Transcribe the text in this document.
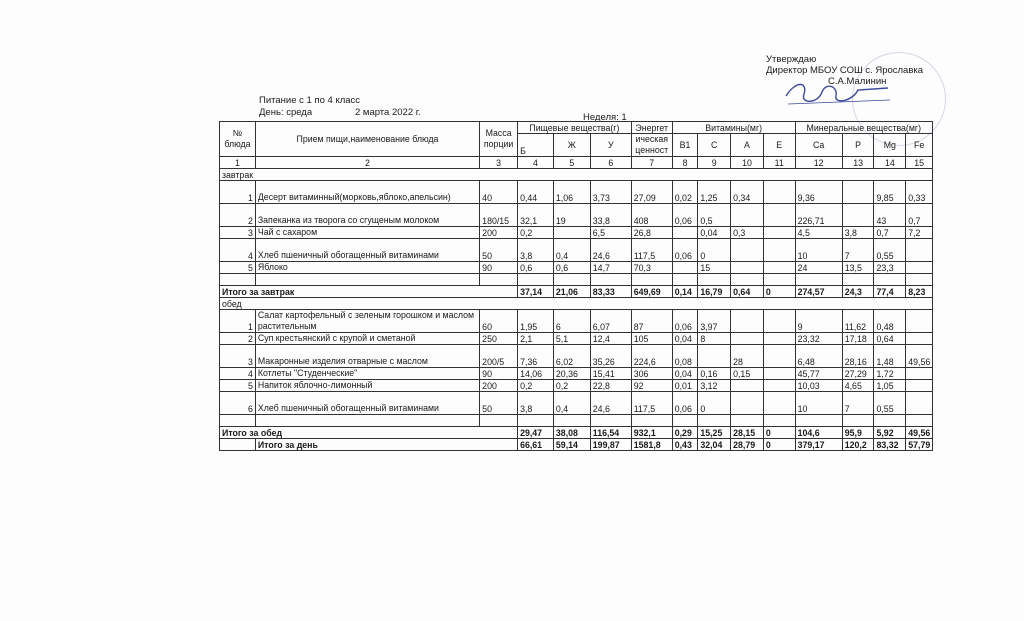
Утверждаю
Директор МБОУ СОШ с. Ярославка
С.А.Малинин
Питание с 1 по 4 класс
День: среда	2 марта 2022 г.	Неделя: 1
№ блюда	Прием пищи,наименование блюда	Масса порции	Пищевые вещества(г)			Энергет	Витамины(мг)				Минеральные вещества(мг)			
			Б	Ж	У	ическая ценност	В1	С	А	Е	Са	Р	Mg	Fe
1	2	3	4	5	6	7	8	9	10	11	12	13	14	15
завтрак														
1	Десерт витаминный(морковь,яблоко,апельсин)	40	0,44	1,06	3,73	27,09	0,02	1,25	0,34		9,36		9,85	0,33
2	Запеканка из творога со сгущеным молоком	180/15	32,1	19	33,8	408	0,06	0,5			226,71		43	0,7
3	Чай с сахаром	200	0,2		6,5	26,8		0,04	0,3		4,5	3,8	0,7	7,2
4	Хлеб пшеничный обогащенный витаминами	50	3,8	0,4	24,6	117,5	0,06	0			10	7	0,55	
5	Яблоко	90	0,6	0,6	14,7	70,3		15			24	13,5	23,3	

Итого за завтрак			37,14	21,06	83,33	649,69	0,14	16,79	0,64	0	274,57	24,3	77,4	8,23
обед														
1	Салат картофельный с зеленым горошком и маслом растительным	60	1,95	6	6,07	87	0,06	3,97			9	11,62	0,48	
2	Суп крестьянский с крупой и сметаной	250	2,1	5,1	12,4	105	0,04	8			23,32	17,18	0,64	
3	Макаронные изделия отварные с маслом	200/5	7,36	6,02	35,26	224,6	0,08		28		6,48	28,16	1,48	49,56
4	Котлеты "Студенческие"	90	14,06	20,36	15,41	306	0,04	0,16	0,15		45,77	27,29	1,72	
5	Напиток яблочно-лимонный	200	0,2	0,2	22,8	92	0,01	3,12			10,03	4,65	1,05	
6	Хлеб пшеничный обогащенный витаминами	50	3,8	0,4	24,6	117,5	0,06	0			10	7	0,55	

Итого за обед			29,47	38,08	116,54	932,1	0,29	15,25	28,15	0	104,6	95,9	5,92	49,56
	Итого за день		66,61	59,14	199,87	1581,8	0,43	32,04	28,79	0	379,17	120,2	83,32	57,79
